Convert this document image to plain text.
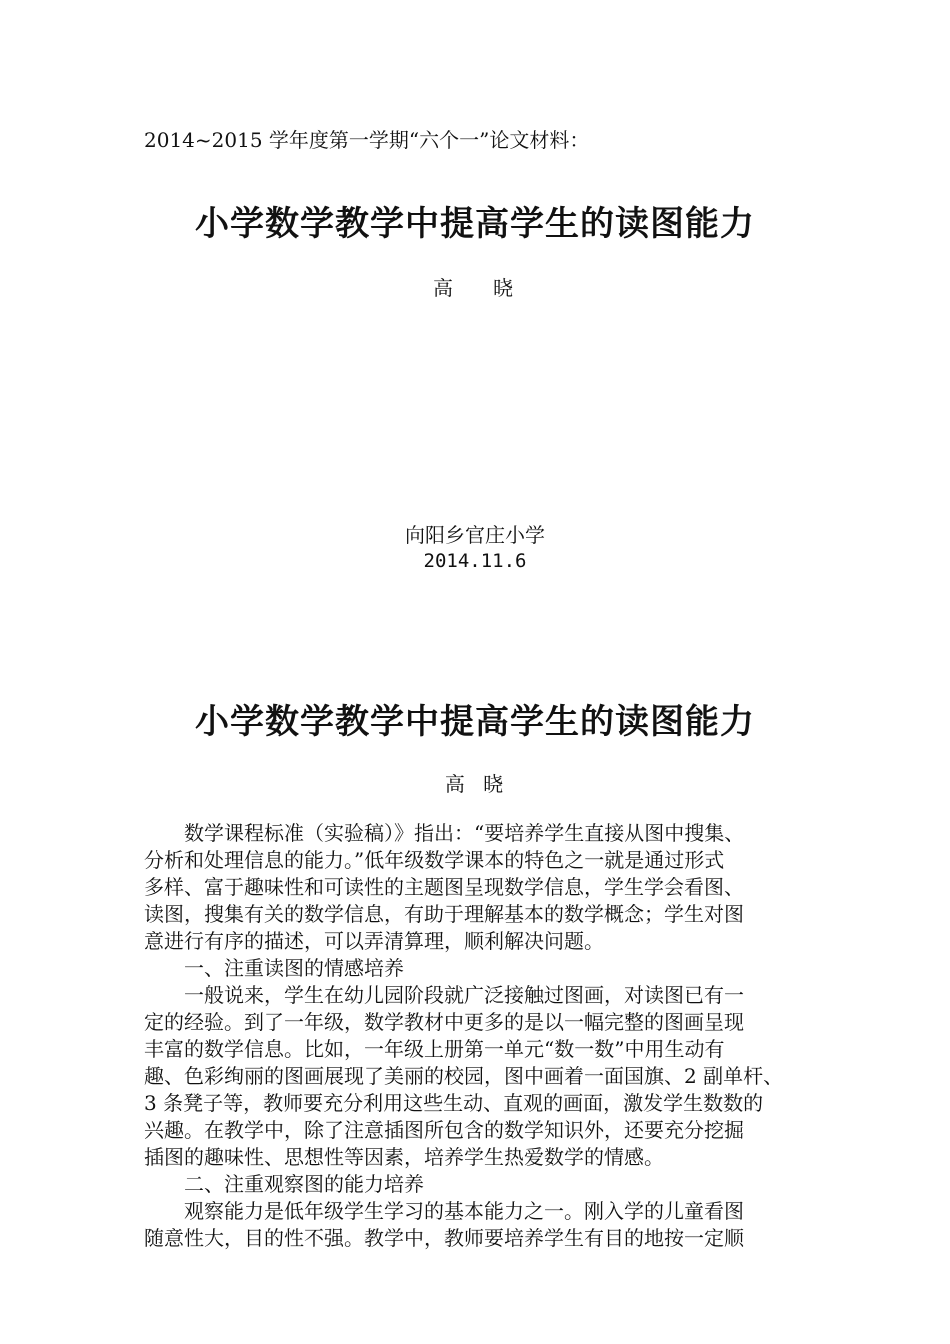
2014~2015 学年度第一学期“六个一”论文材料：

小学数学教学中提高学生的读图能力

高　晓

向阳乡官庄小学

2014.11.6

小学数学教学中提高学生的读图能力

高 晓

　　数学课程标准（实验稿）》指出：“要培养学生直接从图中搜集、
分析和处理信息的能力。”低年级数学课本的特色之一就是通过形式
多样、富于趣味性和可读性的主题图呈现数学信息，学生学会看图、
读图，搜集有关的数学信息，有助于理解基本的数学概念；学生对图
意进行有序的描述，可以弄清算理，顺利解决问题。
　　一、注重读图的情感培养
　　一般说来，学生在幼儿园阶段就广泛接触过图画，对读图已有一
定的经验。到了一年级，数学教材中更多的是以一幅完整的图画呈现
丰富的数学信息。比如，一年级上册第一单元“数一数”中用生动有
趣、色彩绚丽的图画展现了美丽的校园，图中画着一面国旗、2 副单杆、
3 条凳子等，教师要充分利用这些生动、直观的画面，激发学生数数的
兴趣。在教学中，除了注意插图所包含的数学知识外，还要充分挖掘
插图的趣味性、思想性等因素，培养学生热爱数学的情感。
　　二、注重观察图的能力培养
　　观察能力是低年级学生学习的基本能力之一。刚入学的儿童看图
随意性大，目的性不强。教学中，教师要培养学生有目的地按一定顺
